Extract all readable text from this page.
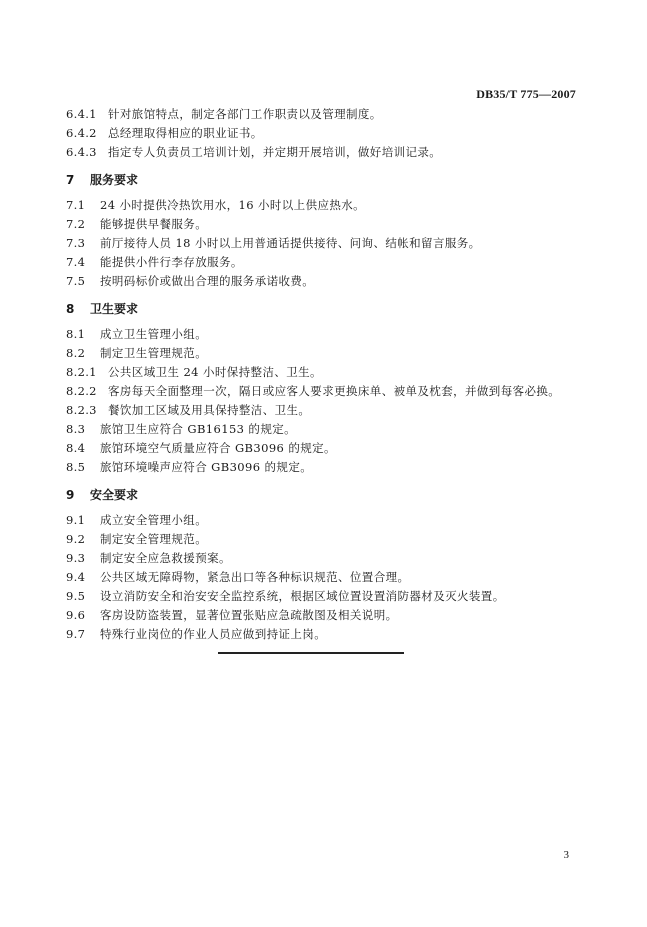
DB35/T 775—2007
6.4.1 针对旅馆特点，制定各部门工作职责以及管理制度。
6.4.2 总经理取得相应的职业证书。
6.4.3 指定专人负责员工培训计划，并定期开展培训，做好培训记录。
7	服务要求
7.1	24 小时提供冷热饮用水，16 小时以上供应热水。
7.2	能够提供早餐服务。
7.3	前厅接待人员 18 小时以上用普通话提供接待、问询、结帐和留言服务。
7.4	能提供小件行李存放服务。
7.5	按明码标价或做出合理的服务承诺收费。
8	卫生要求
8.1	成立卫生管理小组。
8.2	制定卫生管理规范。
8.2.1 公共区域卫生 24 小时保持整洁、卫生。
8.2.2 客房每天全面整理一次，隔日或应客人要求更换床单、被单及枕套，并做到每客必换。
8.2.3 餐饮加工区域及用具保持整洁、卫生。
8.3	旅馆卫生应符合 GB16153 的规定。
8.4	旅馆环境空气质量应符合 GB3096 的规定。
8.5	旅馆环境噪声应符合 GB3096 的规定。
9	安全要求
9.1	成立安全管理小组。
9.2	制定安全管理规范。
9.3	制定安全应急救援预案。
9.4	公共区域无障碍物，紧急出口等各种标识规范、位置合理。
9.5	设立消防安全和治安安全监控系统，根据区域位置设置消防器材及灭火装置。
9.6	客房设防盗装置，显著位置张贴应急疏散图及相关说明。
9.7	特殊行业岗位的作业人员应做到持证上岗。
3
